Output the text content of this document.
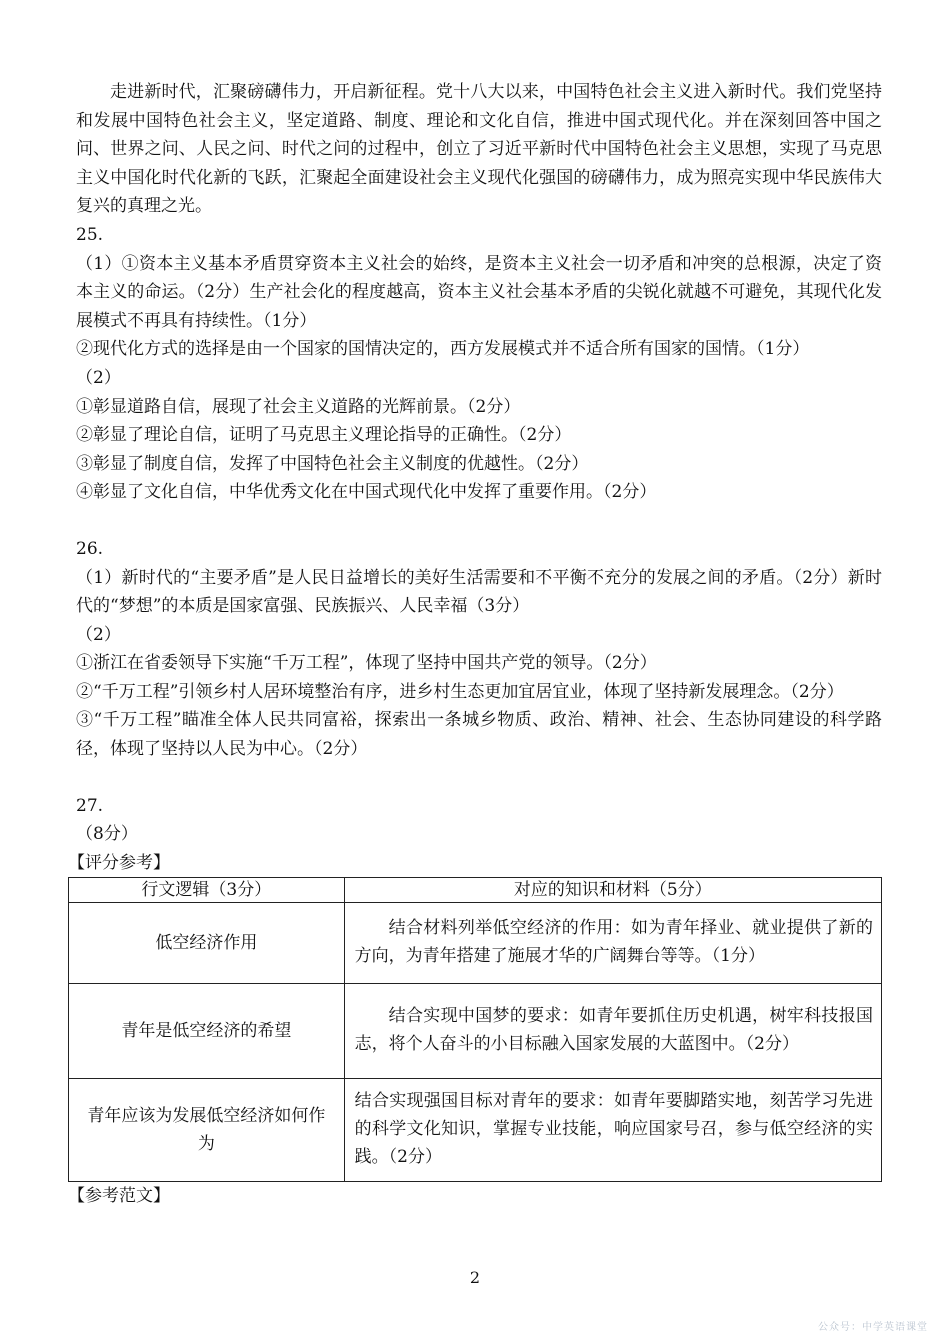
走进新时代，汇聚磅礴伟力，开启新征程。党十八大以来，中国特色社会主义进入新时代。我们党坚持和发展中国特色社会主义，坚定道路、制度、理论和文化自信，推进中国式现代化。并在深刻回答中国之问、世界之问、人民之问、时代之问的过程中，创立了习近平新时代中国特色社会主义思想，实现了马克思主义中国化时代化新的飞跃，汇聚起全面建设社会主义现代化强国的磅礴伟力，成为照亮实现中华民族伟大复兴的真理之光。

25.

（1）①资本主义基本矛盾贯穿资本主义社会的始终，是资本主义社会一切矛盾和冲突的总根源，决定了资本主义的命运。（2分）生产社会化的程度越高，资本主义社会基本矛盾的尖锐化就越不可避免，其现代化发展模式不再具有持续性。（1分）

②现代化方式的选择是由一个国家的国情决定的，西方发展模式并不适合所有国家的国情。（1分）

（2）

①彰显道路自信，展现了社会主义道路的光辉前景。（2分）

②彰显了理论自信，证明了马克思主义理论指导的正确性。（2分）

③彰显了制度自信，发挥了中国特色社会主义制度的优越性。（2分）

④彰显了文化自信，中华优秀文化在中国式现代化中发挥了重要作用。（2分）

26.

（1）新时代的“主要矛盾”是人民日益增长的美好生活需要和不平衡不充分的发展之间的矛盾。（2分）新时代的“梦想”的本质是国家富强、民族振兴、人民幸福（3分）

（2）

①浙江在省委领导下实施“千万工程”，体现了坚持中国共产党的领导。（2分）

②“千万工程”引领乡村人居环境整治有序，进乡村生态更加宜居宜业，体现了坚持新发展理念。（2分）

③“千万工程”瞄准全体人民共同富裕，探索出一条城乡物质、政治、精神、社会、生态协同建设的科学路径，体现了坚持以人民为中心。（2分）

27.

（8分）

【评分参考】

行文逻辑（3分）	对应的知识和材料（5分）
低空经济作用	结合材料列举低空经济的作用：如为青年择业、就业提供了新的方向，为青年搭建了施展才华的广阔舞台等等。（1分）

青年是低空经济的希望	结合实现中国梦的要求：如青年要抓住历史机遇，树牢科技报国志，将个人奋斗的小目标融入国家发展的大蓝图中。（2分）

青年应该为发展低空经济如何作为	结合实现强国目标对青年的要求：如青年要脚踏实地，刻苦学习先进的科学文化知识，掌握专业技能，响应国家号召，参与低空经济的实践。（2分）

【参考范文】

2
公众号：中学英语课堂
